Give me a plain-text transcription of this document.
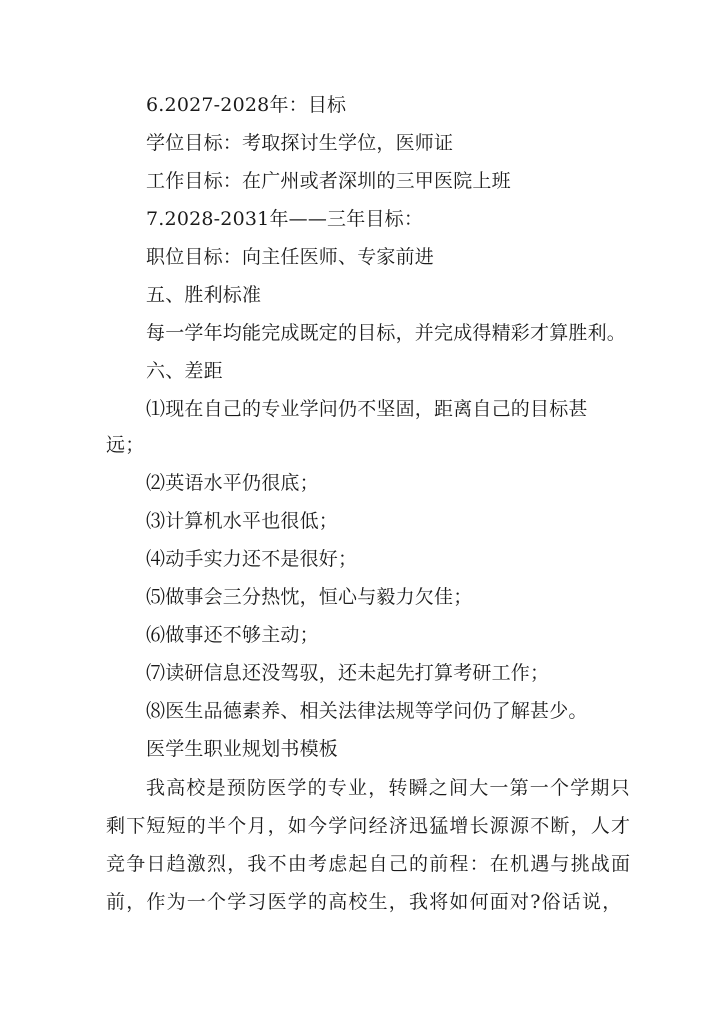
6.2027-2028年：目标
学位目标：考取探讨生学位，医师证
工作目标：在广州或者深圳的三甲医院上班
7.2028-2031年——三年目标：
职位目标：向主任医师、专家前进
五、胜利标准
每一学年均能完成既定的目标，并完成得精彩才算胜利。
六、差距
⑴现在自己的专业学问仍不坚固，距离自己的目标甚
远；
⑵英语水平仍很底；
⑶计算机水平也很低；
⑷动手实力还不是很好；
⑸做事会三分热忱，恒心与毅力欠佳；
⑹做事还不够主动；
⑺读研信息还没驾驭，还未起先打算考研工作；
⑻医生品德素养、相关法律法规等学问仍了解甚少。
医学生职业规划书模板
我高校是预防医学的专业，转瞬之间大一第一个学期只
剩下短短的半个月，如今学问经济迅猛增长源源不断，人才
竞争日趋激烈，我不由考虑起自己的前程：在机遇与挑战面
前，作为一个学习医学的高校生，我将如何面对?俗话说，
